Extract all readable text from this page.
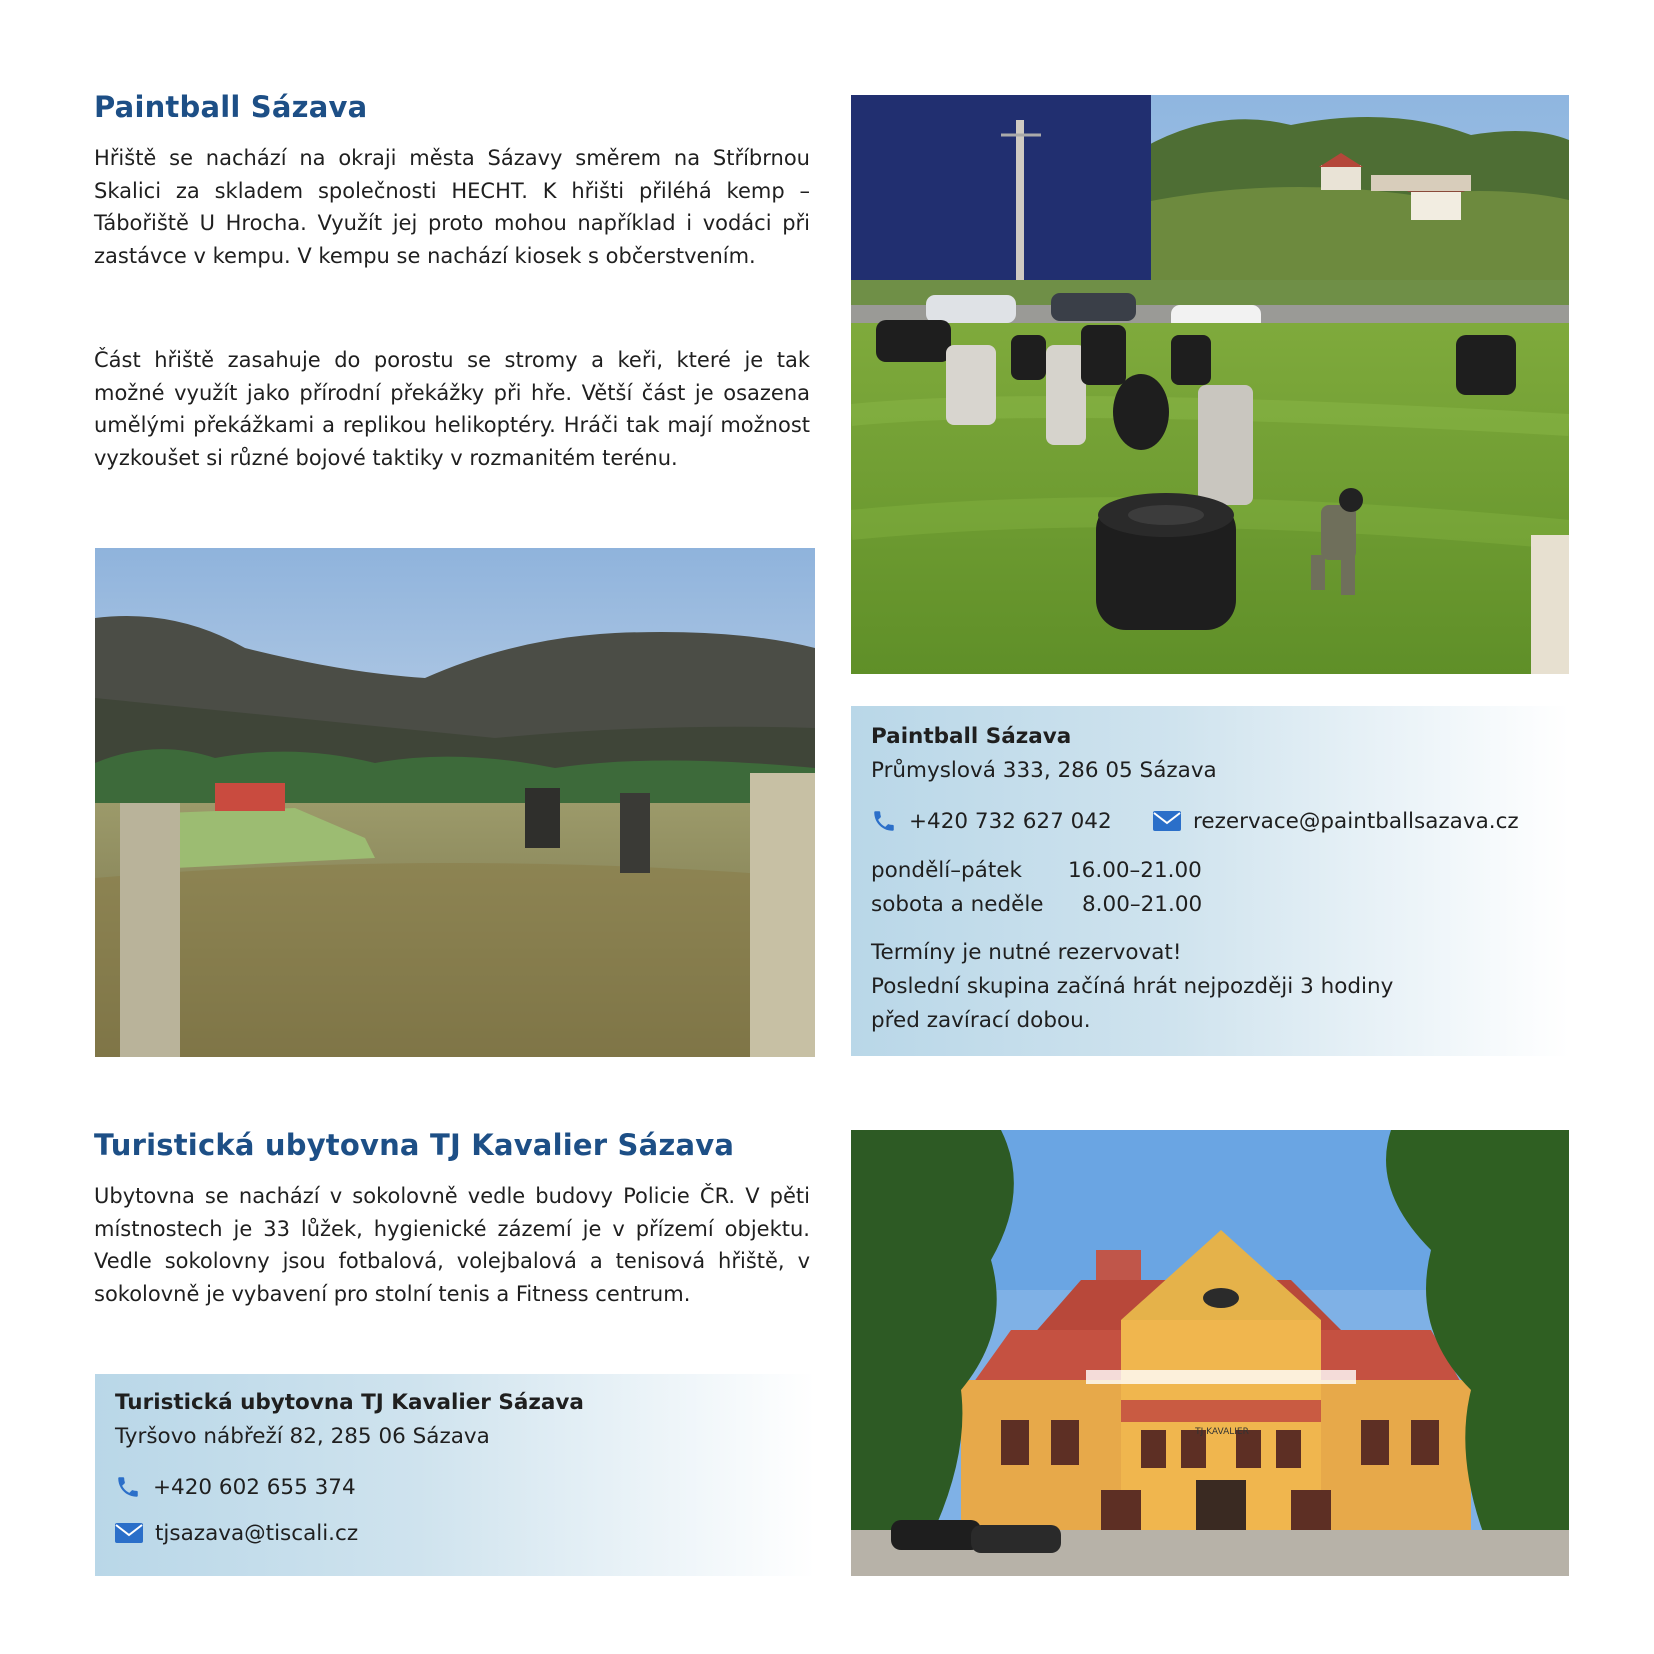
Paintball Sázava

Hřiště se nachází na okraji města Sázavy směrem na Stříbrnou Skalici za skladem společnosti HECHT. K hřišti přiléhá kemp – Tábořiště U Hrocha. Využít jej proto mohou například i vodáci při zastávce v kempu. V kempu se nachází kiosek s občerstvením.

Část hřiště zasahuje do porostu se stromy a keři, které je tak možné využít jako přírodní překážky při hře. Větší část je osazena umělými překážkami a replikou helikoptéry. Hráči tak mají možnost vyzkoušet si různé bojové taktiky v rozmanitém terénu.

Paintball Sázava
Průmyslová 333, 286 05 Sázava
+420 732 627 042	rezervace@paintballsazava.cz
pondělí–pátek 16.00–21.00
sobota a neděle 8.00–21.00
Termíny je nutné rezervovat!
Poslední skupina začíná hrát nejpozději 3 hodiny
před zavírací dobou.
Turistická ubytovna TJ Kavalier Sázava

Ubytovna se nachází v sokolovně vedle budovy Policie ČR. V pěti místnostech je 33 lůžek, hygienické zázemí je v přízemí objektu. Vedle sokolovny jsou fotbalová, volejbalová a tenisová hřiště, v sokolovně je vybavení pro stolní tenis a Fitness centrum.

Turistická ubytovna TJ Kavalier Sázava
Tyršovo nábřeží 82, 285 06 Sázava
+420 602 655 374
tjsazava@tiscali.cz
TJ KAVALIER
